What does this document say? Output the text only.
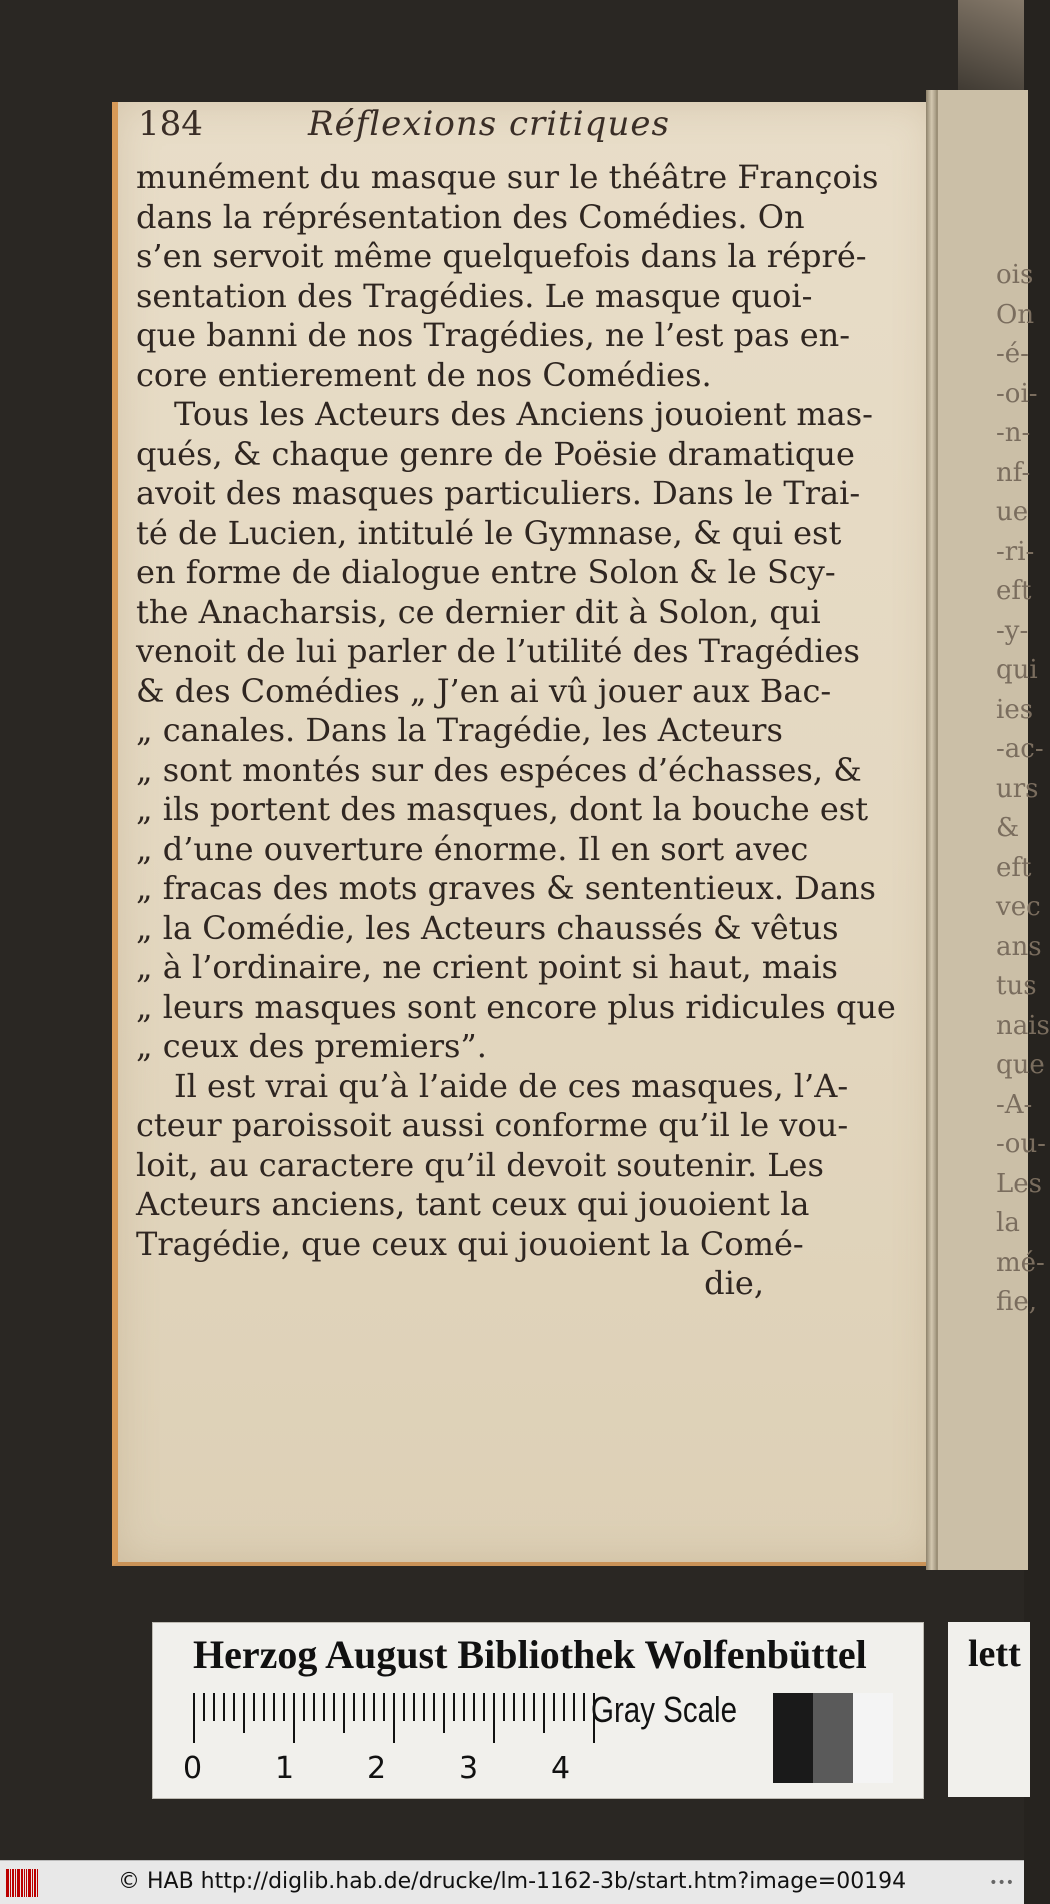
184	Réflexions critiques
munément du masque sur le théâtre François
dans la réprésentation des Comédies. On
s’en servoit même quelquefois dans la répré-
sentation des Tragédies. Le masque quoi-
que banni de nos Tragédies, ne l’est pas en-
core entierement de nos Comédies.
Tous les Acteurs des Anciens jouoient mas-
qués, & chaque genre de Poësie dramatique
avoit des masques particuliers. Dans le Trai-
té de Lucien, intitulé le Gymnase, & qui est
en forme de dialogue entre Solon & le Scy-
the Anacharsis, ce dernier dit à Solon, qui
venoit de lui parler de l’utilité des Tragédies
& des Comédies „ J’en ai vû jouer aux Bac-
„ canales. Dans la Tragédie, les Acteurs
„ sont montés sur des espéces d’échasses, &
„ ils portent des masques, dont la bouche est
„ d’une ouverture énorme. Il en sort avec
„ fracas des mots graves & sententieux. Dans
„ la Comédie, les Acteurs chaussés & vêtus
„ à l’ordinaire, ne crient point si haut, mais
„ leurs masques sont encore plus ridicules que
„ ceux des premiers”.
Il est vrai qu’à l’aide de ces masques, l’A-
cteur paroissoit aussi conforme qu’il le vou-
loit, au caractere qu’il devoit soutenir. Les
Acteurs anciens, tant ceux qui jouoient la
Tragédie, que ceux qui jouoient la Comé-
die,
ois
On
-é-
-oi-
-n-
nf-
ue
-ri-
eft
-y-
qui
ies
-ac-
urs
&
eft
vec
ans
tus
nais
que
-A-
-ou-
Les
la
mé-
fie,
Herzog August Bibliothek Wolfenbüttel
0 1 2 3 4
Gray Scale
lett
© HAB http://diglib.hab.de/drucke/lm-1162-3b/start.htm?image=00194	•••
